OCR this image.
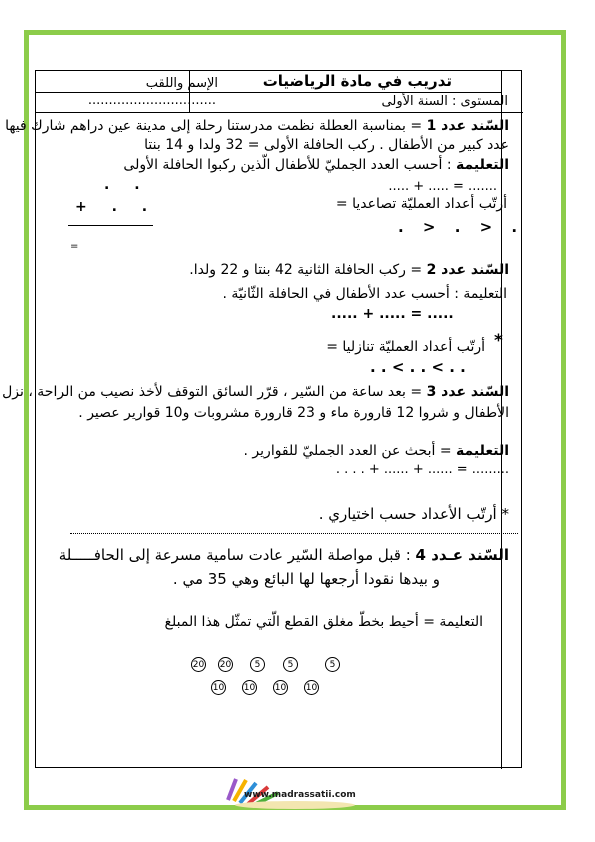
تدريب في مادة الرياضيات
الإسم واللقب
...............................	المستوى : السنة الأولى
السّند عدد 1 = بمناسبة العطلة نظمت مدرستنا رحلة إلى مدينة عين دراهم شارك فيها
عدد كبير من الأطفال . ركب الحافلة الأولى = 32 ولدا و 14 بنتا
التعليمة : أحسب العدد الجمليّ للأطفال الّذين ركبوا الحافلة الأولى
. .	..... + ..... = .......
أرتّب أعداد العمليّة تصاعديا =
+ . .
. > . > .
=
السّند عدد 2 = ركب الحافلة الثانية 42 بنتا و 22 ولدا.
التعليمة : أحسب عدد الأطفال في الحافلة الثّانيّة .
..... + ..... = .....
أرتّب أعداد العمليّة تنازليا = *
. . < . . < . .
السّند عدد 3 = بعد ساعة من السّير ، قرّر السائق التوقف لأخذ نصيب من الراحة ، نزل
الأطفال و شروا 12 قارورة ماء و 23 قارورة مشروبات و10 قوارير عصير .
التعليمة = أبحث عن العدد الجمليّ للقوارير .
. . . . + ...... + ...... = .........
* أرتّب الأعداد حسب اختياري .
السّند عـدد 4 : قبل مواصلة السّير عادت سامية مسرعة إلى الحافـــــلة
و بيدها نقودا أرجعها لها البائع وهي 35 مي .
التعليمة = أحيط بخطّ مغلق القطع الّتي تمثّل هذا المبلغ
20 20	5	5	5
10 10 10 10
www.madrassatii.com
